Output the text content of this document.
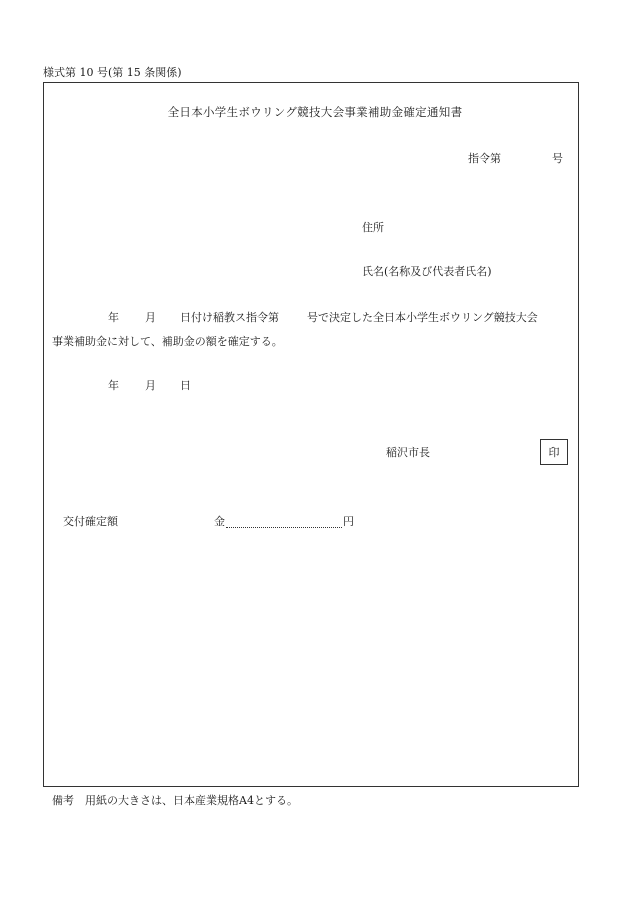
様式第 10 号(第 15 条関係)
全日本小学生ボウリング競技大会事業補助金確定通知書
指令第	号
住所
氏名(名称及び代表者氏名)
年 月 日付け稲教ス指令第	号で決定した全日本小学生ボウリング競技大会
事業補助金に対して、補助金の額を確定する。
年 月 日
稲沢市長	印
交付確定額	金	円
備考　用紙の大きさは、日本産業規格A4とする。
